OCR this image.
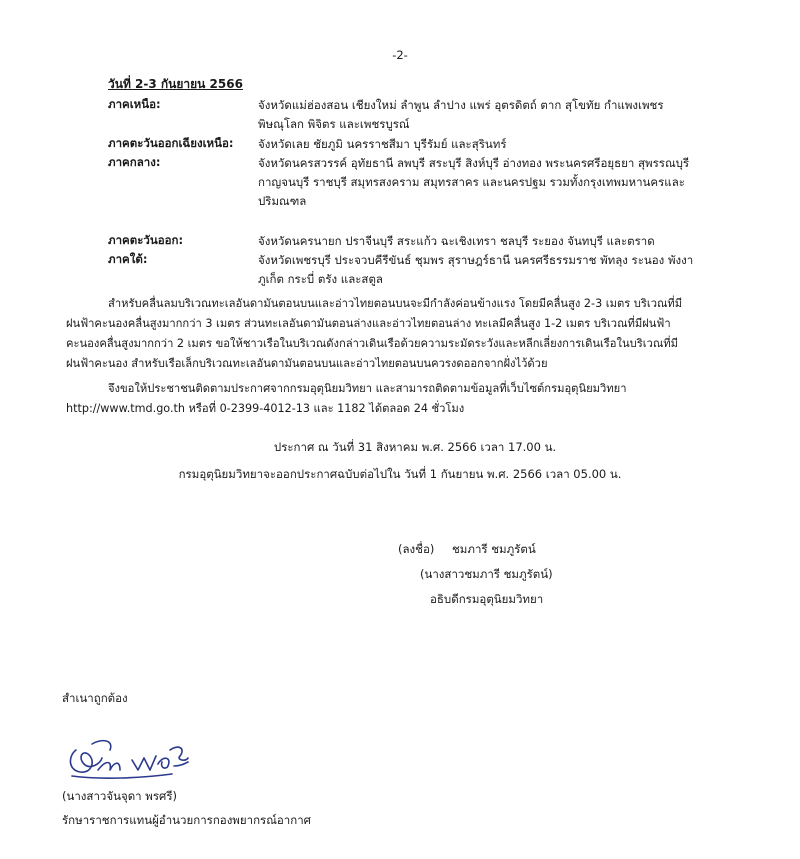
-2-
วันที่ 2-3 กันยายน 2566
ภาคเหนือ:	จังหวัดแม่ฮ่องสอน เชียงใหม่ ลำพูน ลำปาง แพร่ อุตรดิตถ์ ตาก สุโขทัย กำแพงเพชร
พิษณุโลก พิจิตร และเพชรบูรณ์
ภาคตะวันออกเฉียงเหนือ: จังหวัดเลย ชัยภูมิ นครราชสีมา บุรีรัมย์ และสุรินทร์
ภาคกลาง:	จังหวัดนครสวรรค์ อุทัยธานี ลพบุรี สระบุรี สิงห์บุรี อ่างทอง พระนครศรีอยุธยา สุพรรณบุรี
กาญจนบุรี ราชบุรี สมุทรสงคราม สมุทรสาคร และนครปฐม รวมทั้งกรุงเทพมหานครและ
ปริมณฑล
ภาคตะวันออก:	จังหวัดนครนายก ปราจีนบุรี สระแก้ว ฉะเชิงเทรา ชลบุรี ระยอง จันทบุรี และตราด
ภาคใต้:	จังหวัดเพชรบุรี ประจวบคีรีขันธ์ ชุมพร สุราษฎร์ธานี นครศรีธรรมราช พัทลุง ระนอง พังงา
ภูเก็ต กระบี่ ตรัง และสตูล
สำหรับคลื่นลมบริเวณทะเลอันดามันตอนบนและอ่าวไทยตอนบนจะมีกำลังค่อนข้างแรง โดยมีคลื่นสูง 2-3 เมตร บริเวณที่มี
ฝนฟ้าคะนองคลื่นสูงมากกว่า 3 เมตร ส่วนทะเลอันดามันตอนล่างและอ่าวไทยตอนล่าง ทะเลมีคลื่นสูง 1-2 เมตร บริเวณที่มีฝนฟ้า
คะนองคลื่นสูงมากกว่า 2 เมตร ขอให้ชาวเรือในบริเวณดังกล่าวเดินเรือด้วยความระมัดระวังและหลีกเลี่ยงการเดินเรือในบริเวณที่มี
ฝนฟ้าคะนอง สำหรับเรือเล็กบริเวณทะเลอันดามันตอนบนและอ่าวไทยตอนบนควรงดออกจากฝั่งไว้ด้วย
จึงขอให้ประชาชนติดตามประกาศจากกรมอุตุนิยมวิทยา และสามารถติดตามข้อมูลที่เว็บไซต์กรมอุตุนิยมวิทยา
http://www.tmd.go.th หรือที่ 0-2399-4012-13 และ 1182 ได้ตลอด 24 ชั่วโมง
ประกาศ ณ วันที่ 31 สิงหาคม พ.ศ. 2566 เวลา 17.00 น.
กรมอุตุนิยมวิทยาจะออกประกาศฉบับต่อไปใน วันที่ 1 กันยายน พ.ศ. 2566 เวลา 05.00 น.
(ลงชื่อ) ชมภารี ชมภูรัตน์
(นางสาวชมภารี ชมภูรัตน์)
อธิบดีกรมอุตุนิยมวิทยา
สำเนาถูกต้อง
(นางสาวจันจุดา พรศรี)
รักษาราชการแทนผู้อำนวยการกองพยากรณ์อากาศ
